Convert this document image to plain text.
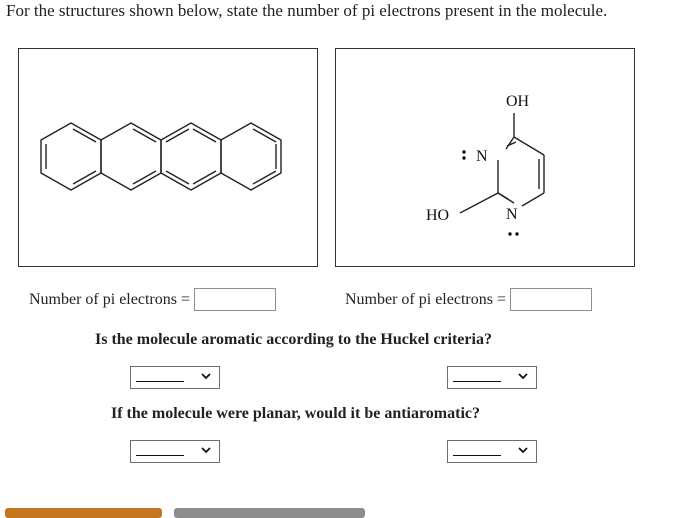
For the structures shown below, state the number of pi electrons present in the molecule.
OH
HO
N
N
Number of pi electrons =	Number of pi electrons =
Is the molecule aromatic according to the Huckel criteria?
If the molecule were planar, would it be antiaromatic?
